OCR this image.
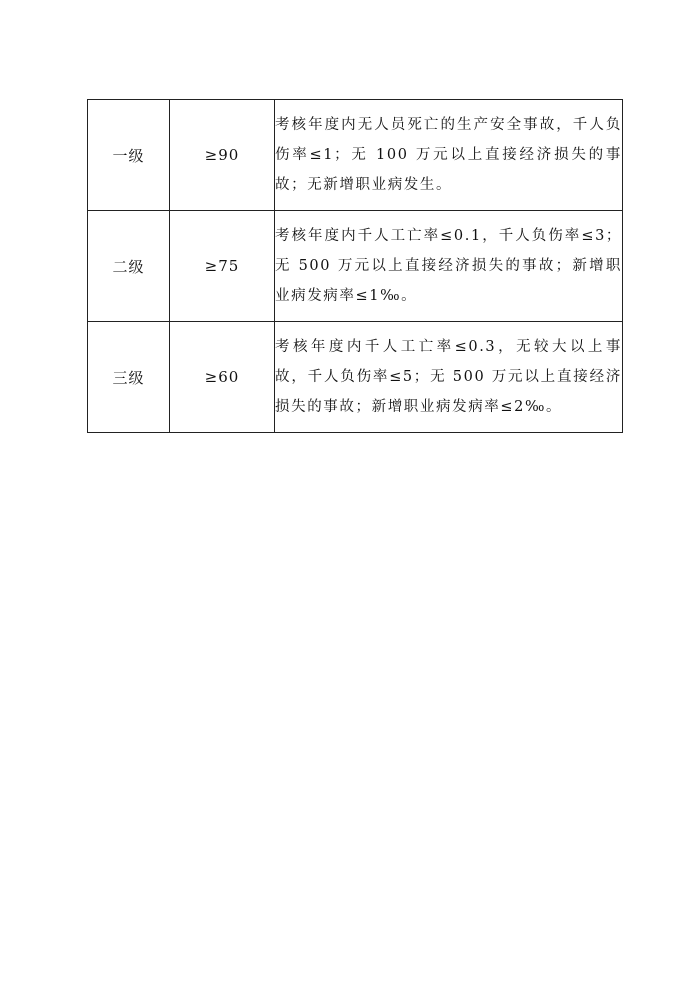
一级	≥90	考核年度内无人员死亡的生产安全事故，千人负伤率≤1；无 100 万元以上直接经济损失的事故；无新增职业病发生。
二级	≥75	考核年度内千人工亡率≤0.1，千人负伤率≤3；无 500 万元以上直接经济损失的事故；新增职业病发病率≤1‰。
三级	≥60	考核年度内千人工亡率≤0.3，无较大以上事故，千人负伤率≤5；无 500 万元以上直接经济损失的事故；新增职业病发病率≤2‰。
